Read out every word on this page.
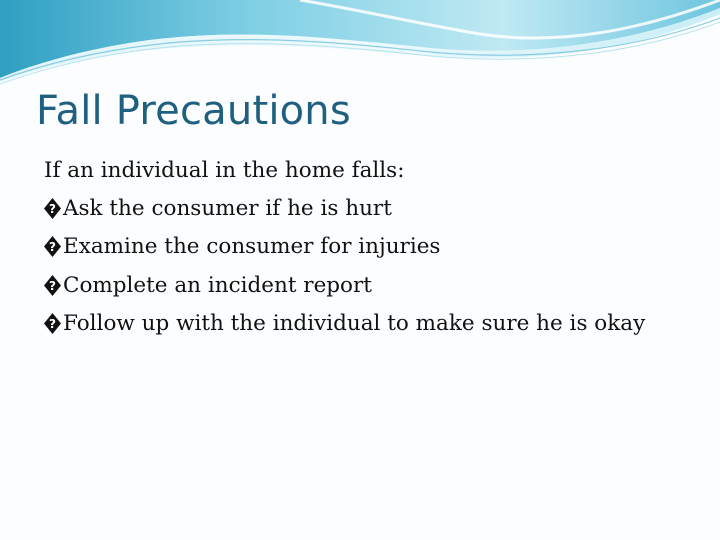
Fall Precautions
If an individual in the home falls:
? Ask the consumer if he is hurt
? Examine the consumer for injuries
? Complete an incident report
? Follow up with the individual to make sure he is okay
